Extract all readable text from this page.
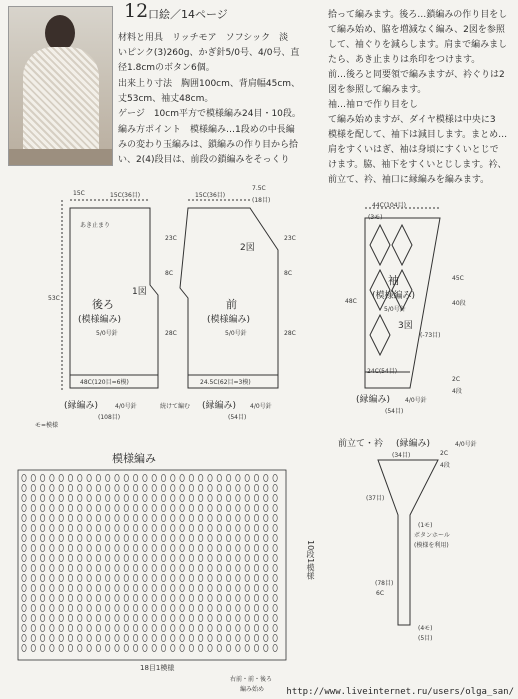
12 口絵／14ページ
材料と用具　リッチモア　ソフシック　淡
いピンク(3)260g、かぎ針5/0号、4/0号、直
径1.8cmのボタン6個。
出来上り寸法　胸囲100cm、背肩幅45cm、
丈53cm、袖丈48cm。
ゲージ　10cm平方で模様編み24目・10段。
編み方ポイント　模様編み…1段めの中長編
みの変わり玉編みは、鎖編みの作り目から拾
い、2(4)段目は、前段の鎖編みをそっくり
拾って編みます。後ろ…鎖編みの作り目をし
て編み始め、脇を増減なく編み、2図を参照
して、袖ぐりを減らします。肩まで編みまし
たら、あき止まりは糸印をつけます。
前…後ろと同要領で編みますが、衿ぐりは2
図を参照して編みます。
袖…袖ロで作り目をし
て編み始めますが、ダイヤ模様は中央に3
模様を配して、袖下は減目します。まとめ…
肩をすくいはぎ、袖は身頃にすくいとじで
けます。脇、袖下をすくいとじします。衿、
前立て、衿、袖口に縁編みを編みます。
後ろ
(模様編み)
5/0号針
1図
15C	15C(36目)
53C
23C
8C
28C
48C(120目=6模)
(縁編み)	4/0号針
(108目)
あき止まり
モ=模様
前
(模様編み)
5/0号針
2図
15C(36目)
7.5C
(18目)
23C
8C
28C
24.5C(62目=3模)
(縁編み) 4/0号針
(54目)
続けて編む
袖
(模様編み)
5/0号針
3図
44C(104目)
(3モ)
48C
(-73目)
24C(54目)
(縁編み) 4/0号針
(54目)
45C
40段
2C
4段
模様編み
10段1模様
18目1模様
右前・前・後ろ
編み始め
前立て・衿 (縁編み)	4/0号針
(34目)	2C
4段
(37目)
(1モ)
ボタンホール
(模様を利用)
(78目)
6C
(4モ)
(5目)
http://www.liveinternet.ru/users/olga_san/
